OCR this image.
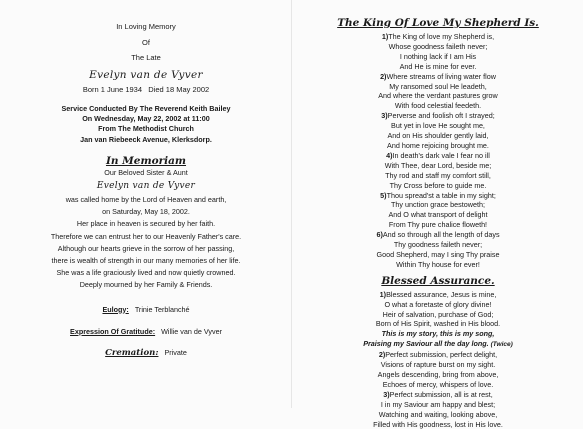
In Loving Memory
Of
The Late
Evelyn van de Vyver
Born 1 June 1934 Died 18 May 2002
Service Conducted By The Reverend Keith Bailey
On Wednesday, May 22, 2002 at 11:00
From The Methodist Church
Jan van Riebeeck Avenue, Klerksdorp.
In Memoriam
Our Beloved Sister & Aunt
Evelyn van de Vyver
was called home by the Lord of Heaven and earth,
on Saturday, May 18, 2002.
Her place in heaven is secured by her faith.
Therefore we can entrust her to our Heavenly Father's care.
Although our hearts grieve in the sorrow of her passing,
there is wealth of strength in our many memories of her life.
She was a life graciously lived and now quietly crowned.
Deeply mourned by her Family & Friends.
Eulogy: Trinie Terblanché
Expression Of Gratitude: Willie van de Vyver
Cremation: Private
The King Of Love My Shepherd Is.
1)The King of love my Shepherd is,
Whose goodness faileth never;
I nothing lack if I am His
And He is mine for ever.
2)Where streams of living water flow
My ransomed soul He leadeth,
And where the verdant pastures grow
With food celestial feedeth.
3)Perverse and foolish oft I strayed;
But yet in love He sought me,
And on His shoulder gently laid,
And home rejoicing brought me.
4)In death's dark vale I fear no ill
With Thee, dear Lord, beside me;
Thy rod and staff my comfort still,
Thy Cross before to guide me.
5)Thou spread'st a table in my sight;
Thy unction grace bestoweth;
And O what transport of delight
From Thy pure chalice floweth!
6)And so through all the length of days
Thy goodness faileth never;
Good Shepherd, may I sing Thy praise
Within Thy house for ever!
Blessed Assurance.
1)Blessed assurance, Jesus is mine,
O what a foretaste of glory divine!
Heir of salvation, purchase of God;
Born of His Spirit, washed in His blood.
This is my story, this is my song,
Praising my Saviour all the day long. (Twice)
2)Perfect submission, perfect delight,
Visions of rapture burst on my sight.
Angels descending, bring from above,
Echoes of mercy, whispers of love.
3)Perfect submission, all is at rest,
I in my Saviour am happy and blest;
Watching and waiting, looking above,
Filled with His goodness, lost in His love.
